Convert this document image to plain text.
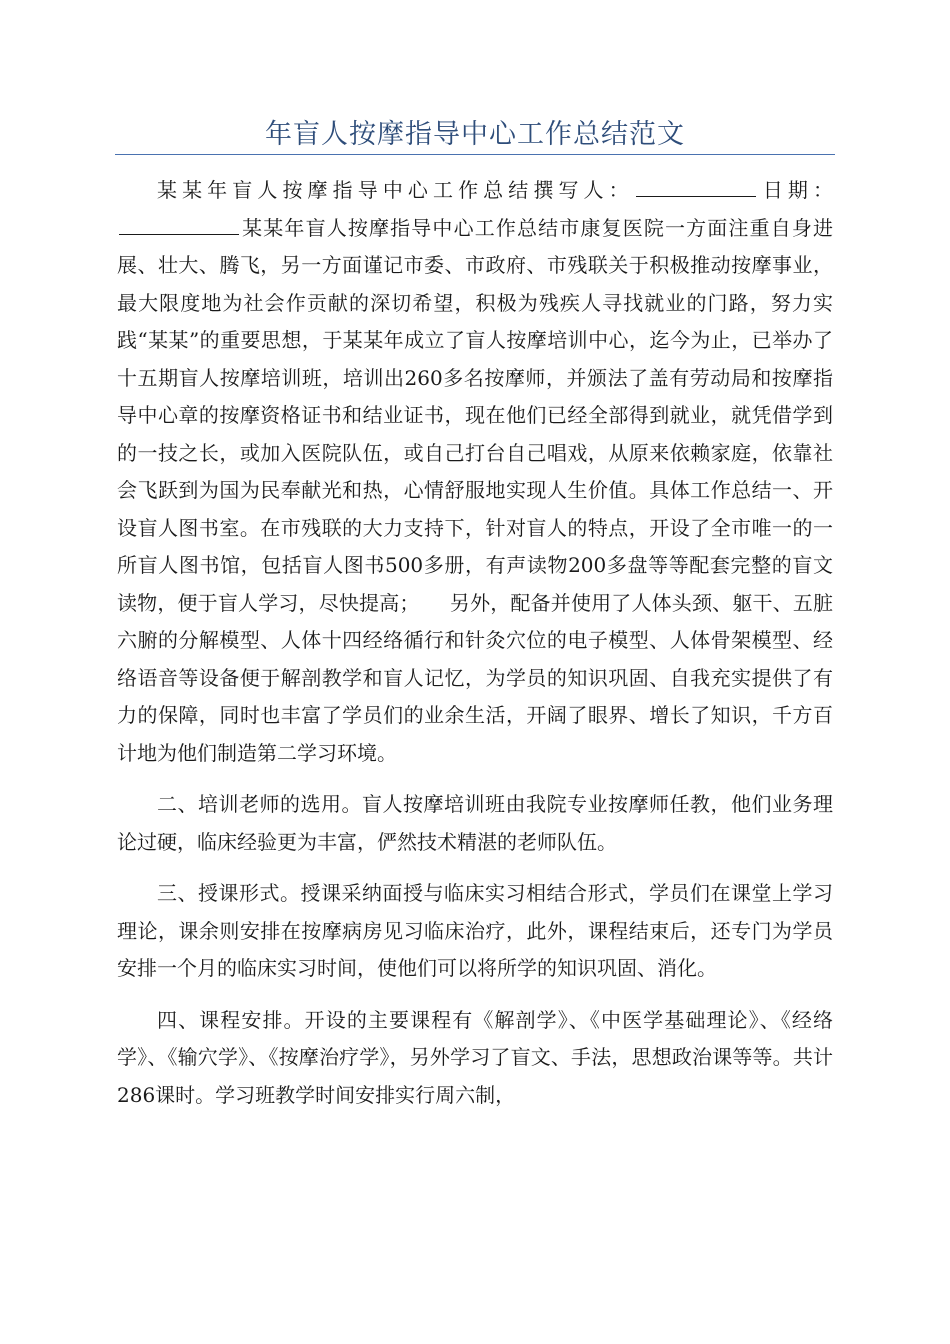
年盲人按摩指导中心工作总结范文

某某年盲人按摩指导中心工作总结撰写人：	日期：某某年盲人按摩指导中心工作总结市康复医院一方面注重自身进展、壮大、腾飞，另一方面谨记市委、市政府、市残联关于积极推动按摩事业，最大限度地为社会作贡献的深切希望，积极为残疾人寻找就业的门路，努力实践“某某”的重要思想，于某某年成立了盲人按摩培训中心，迄今为止，已举办了十五期盲人按摩培训班，培训出260多名按摩师，并颁法了盖有劳动局和按摩指导中心章的按摩资格证书和结业证书，现在他们已经全部得到就业，就凭借学到的一技之长，或加入医院队伍，或自己打台自己唱戏，从原来依赖家庭，依靠社会飞跃到为国为民奉献光和热，心情舒服地实现人生价值。具体工作总结一、开设盲人图书室。在市残联的大力支持下，针对盲人的特点，开设了全市唯一的一所盲人图书馆，包括盲人图书500多册，有声读物200多盘等等配套完整的盲文读物，便于盲人学习，尽快提高；　　另外，配备并使用了人体头颈、躯干、五脏六腑的分解模型、人体十四经络循行和针灸穴位的电子模型、人体骨架模型、经络语音等设备便于解剖教学和盲人记忆，为学员的知识巩固、自我充实提供了有力的保障，同时也丰富了学员们的业余生活，开阔了眼界、增长了知识，千方百计地为他们制造第二学习环境。

二、培训老师的选用。盲人按摩培训班由我院专业按摩师任教，他们业务理论过硬，临床经验更为丰富，俨然技术精湛的老师队伍。

三、授课形式。授课采纳面授与临床实习相结合形式，学员们在课堂上学习理论，课余则安排在按摩病房见习临床治疗，此外，课程结束后，还专门为学员安排一个月的临床实习时间，使他们可以将所学的知识巩固、消化。

四、课程安排。开设的主要课程有《解剖学》、《中医学基础理论》、《经络学》、《输穴学》、《按摩治疗学》，另外学习了盲文、手法，思想政治课等等。共计286课时。学习班教学时间安排实行周六制，
